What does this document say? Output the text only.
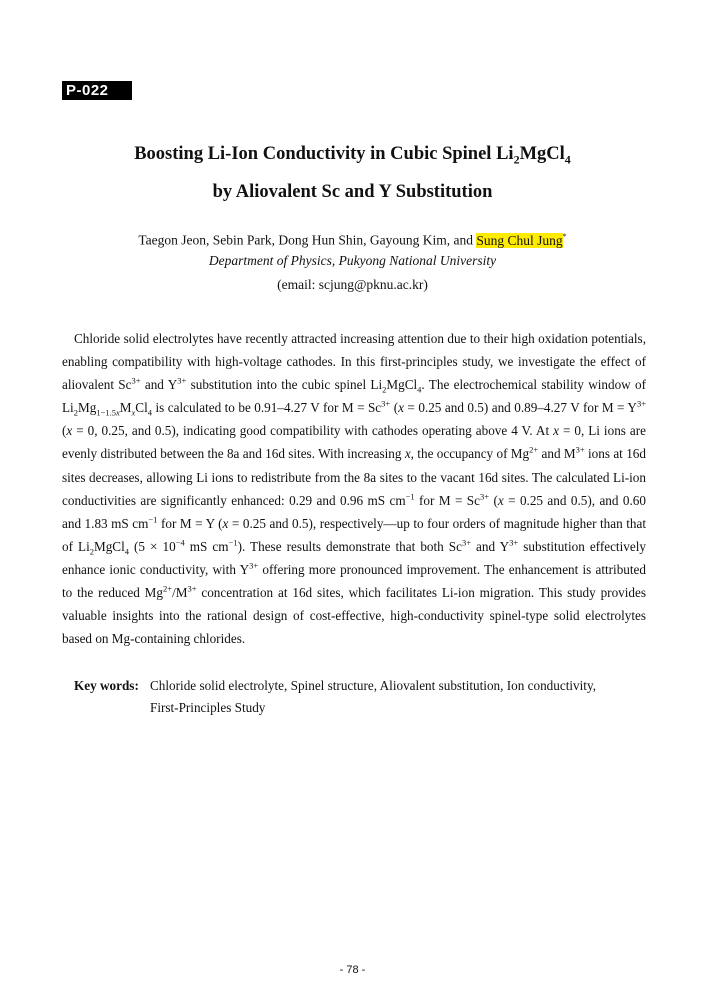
P-022
Boosting Li-Ion Conductivity in Cubic Spinel $Li_2MgCl_4$
by Aliovalent Sc and Y Substitution
Taegon Jeon, Sebin Park, Dong Hun Shin, Gayoung Kim, and Sung Chul Jung*
Department of Physics, Pukyong National University
(email: scjung@pknu.ac.kr)
Chloride solid electrolytes have recently attracted increasing attention due to their high oxidation potentials, enabling compatibility with high-voltage cathodes. In this first-principles study, we investigate the effect of aliovalent $Sc^{3+}$ and $Y^{3+}$ substitution into the cubic spinel $Li_2MgCl_4$. The electrochemical stability window of $Li_2Mg_{1-1.5x}M_xCl_4$ is calculated to be 0.91–4.27 V for $M = Sc^{3+}$ (x = 0.25 and 0.5) and 0.89–4.27 V for $M = Y^{3+}$ (x = 0, 0.25, and 0.5), indicating good compatibility with cathodes operating above 4 V. At x = 0, Li ions are evenly distributed between the 8a and 16d sites. With increasing x, the occupancy of $Mg^{2+}$ and $M^{3+}$ ions at 16d sites decreases, allowing Li ions to redistribute from the 8a sites to the vacant 16d sites. The calculated Li-ion conductivities are significantly enhanced: 0.29 and 0.96 mS $cm^{-1}$ for $M = Sc^{3+}$ (x = 0.25 and 0.5), and 0.60 and 1.83 mS $cm^{-1}$ for M = Y (x = 0.25 and 0.5), respectively—up to four orders of magnitude higher than that of $Li_2MgCl_4$ ($5 \times 10^{-4}$ mS $cm^{-1}$). These results demonstrate that both $Sc^{3+}$ and $Y^{3+}$ substitution effectively enhance ionic conductivity, with $Y^{3+}$ offering more pronounced improvement. The enhancement is attributed to the reduced $Mg^{2+}/M^{3+}$ concentration at 16d sites, which facilitates Li-ion migration. This study provides valuable insights into the rational design of cost-effective, high-conductivity spinel-type solid electrolytes based on Mg-containing chlorides.
Key words: Chloride solid electrolyte, Spinel structure, Aliovalent substitution, Ion conductivity,
First-Principles Study
- 78 -
